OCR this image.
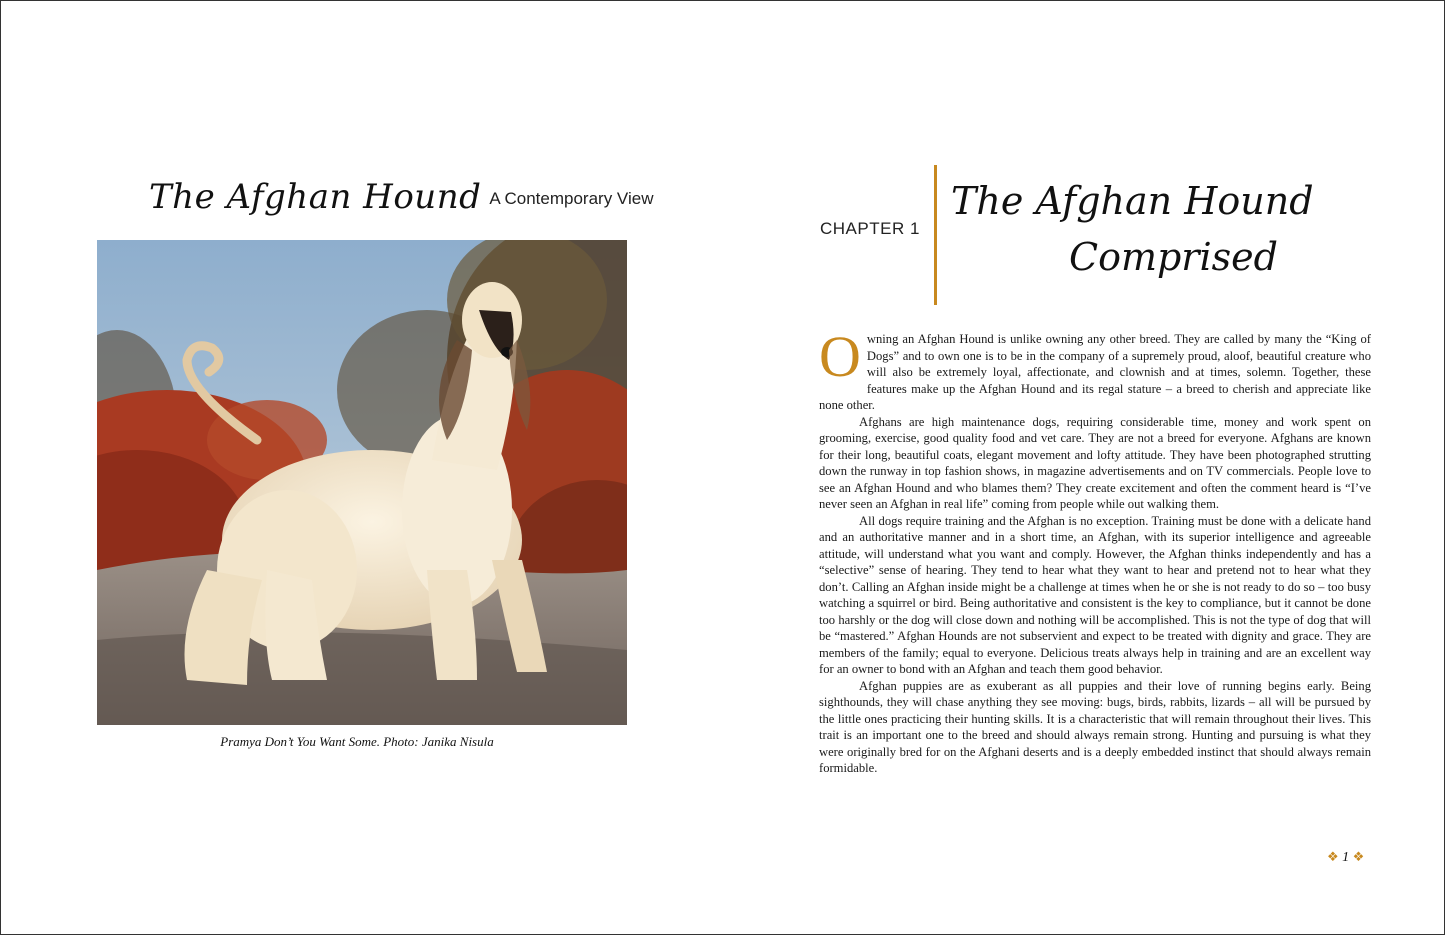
The Afghan Hound A Contemporary View
Pramya Don’t You Want Some. Photo: Janika Nisula
CHAPTER 1
The Afghan Hound
Comprised

Owning an Afghan Hound is unlike owning any other breed. They are called by many the “King of Dogs” and to own one is to be in the company of a supremely proud, aloof, beautiful creature who will also be extremely loyal, affectionate, and clownish and at times, solemn. Together, these features make up the Afghan Hound and its regal stature – a breed to cherish and appreciate like none other.

Afghans are high maintenance dogs, requiring considerable time, money and work spent on grooming, exercise, good quality food and vet care. They are not a breed for everyone. Afghans are known for their long, beautiful coats, elegant movement and lofty attitude. They have been photographed strutting down the runway in top fashion shows, in magazine advertisements and on TV commercials. People love to see an Afghan Hound and who blames them? They create excitement and often the comment heard is “I’ve never seen an Afghan in real life” coming from people while out walking them.

All dogs require training and the Afghan is no exception. Training must be done with a delicate hand and an authoritative manner and in a short time, an Afghan, with its superior intelligence and agreeable attitude, will understand what you want and comply. However, the Afghan thinks independently and has a “selective” sense of hearing. They tend to hear what they want to hear and pretend not to hear what they don’t. Calling an Afghan inside might be a challenge at times when he or she is not ready to do so – too busy watching a squirrel or bird. Being authoritative and consistent is the key to compliance, but it cannot be done too harshly or the dog will close down and nothing will be accomplished. This is not the type of dog that will be “mastered.” Afghan Hounds are not subservient and expect to be treated with dignity and grace. They are members of the family; equal to everyone. Delicious treats always help in training and are an excellent way for an owner to bond with an Afghan and teach them good behavior.

Afghan puppies are as exuberant as all puppies and their love of running begins early. Being sighthounds, they will chase anything they see moving: bugs, birds, rabbits, lizards – all will be pursued by the little ones practicing their hunting skills. It is a characteristic that will remain throughout their lives. This trait is an important one to the breed and should always remain strong. Hunting and pursuing is what they were originally bred for on the Afghani deserts and is a deeply embedded instinct that should always remain formidable.

❖ 1 ❖
